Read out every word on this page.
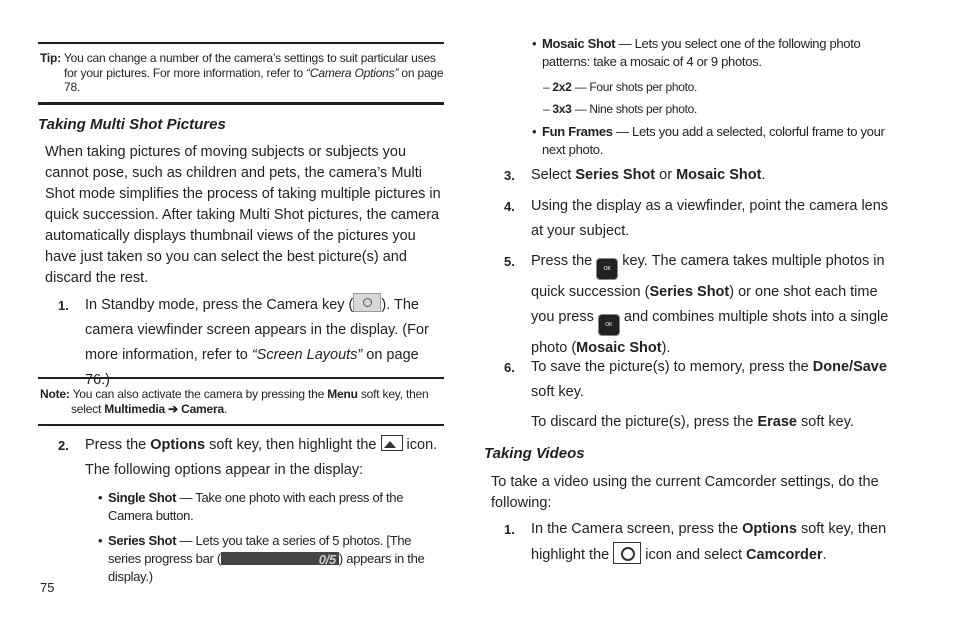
Tip: You can change a number of the camera’s settings to suit particular uses for your pictures. For more information, refer to “Camera Options” on page 78.

Taking Multi Shot Pictures
When taking pictures of moving subjects or subjects you cannot pose, such as children and pets, the camera’s Multi Shot mode simplifies the process of taking multiple pictures in quick succession. After taking Multi Shot pictures, the camera automatically displays thumbnail views of the pictures you have just taken so you can select the best picture(s) and discard the rest.
1. In Standby mode, press the Camera key ( ). The camera viewfinder screen appears in the display. (For more information, refer to “Screen Layouts” on page 76.)

Note: You can also activate the camera by pressing the Menu soft key, then select Multimedia ➔ Camera.

2. Press the Options soft key, then highlight the  icon. The following options appear in the display:
• Single Shot — Take one photo with each press of the Camera button.
• Series Shot — Lets you take a series of 5 photos. [The series progress bar (	0/5 ) appears in the display.)
• Mosaic Shot — Lets you select one of the following photo patterns: take a mosaic of 4 or 9 photos.
– 2x2 — Four shots per photo.
– 3x3 — Nine shots per photo.
• Fun Frames — Lets you add a selected, colorful frame to your next photo.
3. Select Series Shot or Mosaic Shot.
4. Using the display as a viewfinder, point the camera lens at your subject.
5. Press the OK key. The camera takes multiple photos in quick succession (Series Shot) or one shot each time you press OK and combines multiple shots into a single photo (Mosaic Shot).
6. To save the picture(s) to memory, press the Done/Save soft key.
To discard the picture(s), press the Erase soft key.
Taking Videos
To take a video using the current Camcorder settings, do the following:
1. In the Camera screen, press the Options soft key, then highlight the  icon and select Camcorder.
75
